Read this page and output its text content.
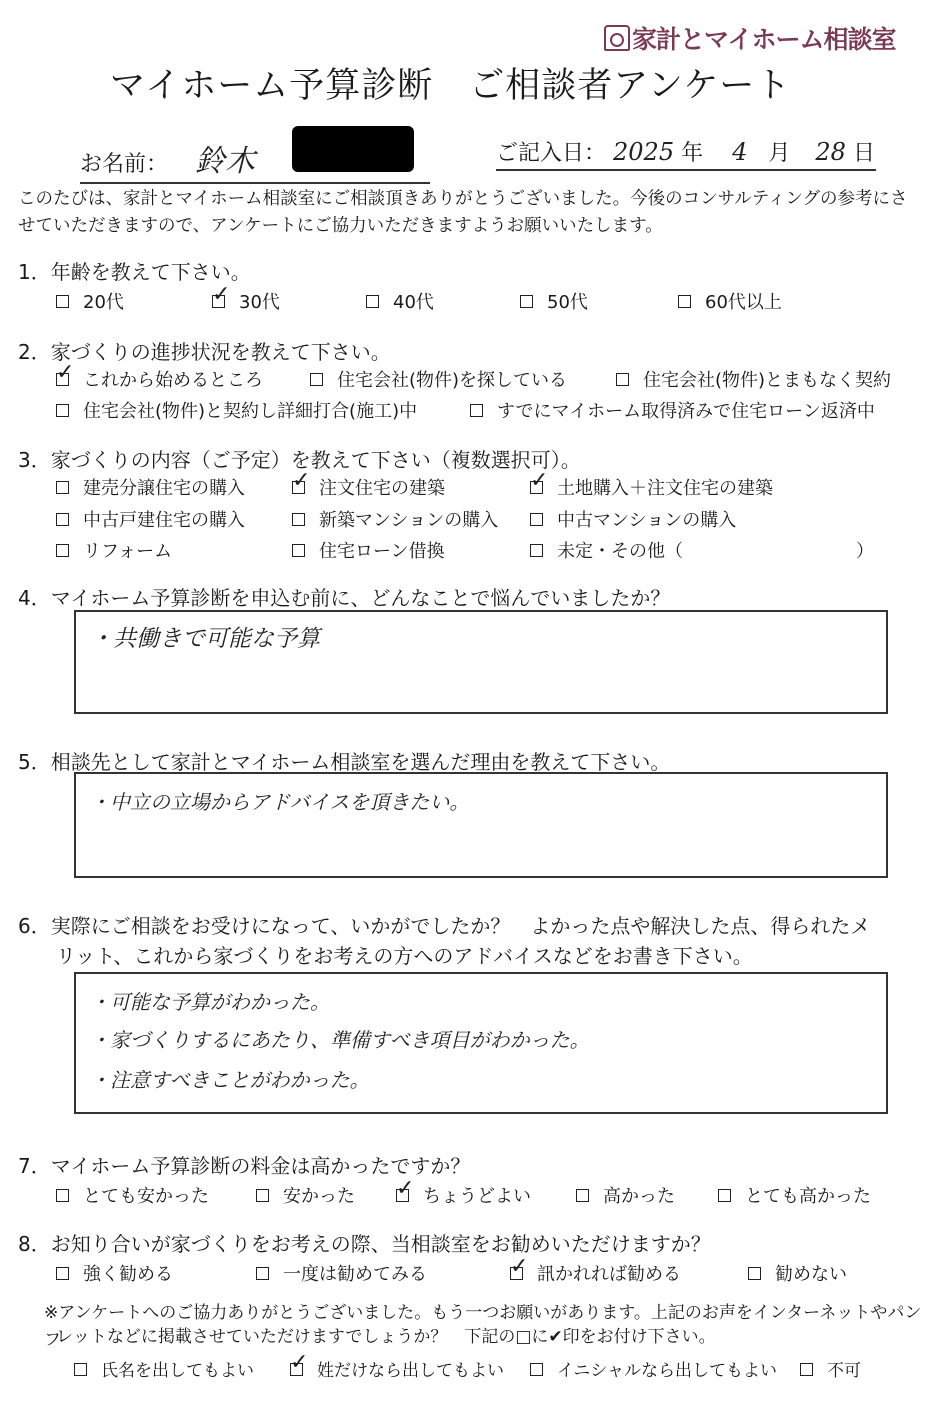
家計とマイホーム相談室
マイホーム予算診断　ご相談者アンケート
お名前： 鈴木	ご記入日： 2025 年 4 月 28 日
このたびは、家計とマイホーム相談室にご相談頂きありがとうございました。今後のコンサルティングの参考にさせていただきますので、アンケートにご協力いただきますようお願いいたします。
1．年齢を教えて下さい。
20代 ✓	30代	40代	50代	60代以上
2．家づくりの進捗状況を教えて下さい。
✓これから始めるところ	住宅会社(物件)を探している	住宅会社(物件)とまもなく契約
住宅会社(物件)と契約し詳細打合(施工)中	すでにマイホーム取得済みで住宅ローン返済中
3．家づくりの内容（ご予定）を教えて下さい（複数選択可）。
建売分譲住宅の購入 ✓	注文住宅の建築 ✓	土地購入＋注文住宅の建築
中古戸建住宅の購入	新築マンションの購入	中古マンションの購入
リフォーム	住宅ローン借換	未定・その他（	）
4．マイホーム予算診断を申込む前に、どんなことで悩んでいましたか？
・共働きで可能な予算
5．相談先として家計とマイホーム相談室を選んだ理由を教えて下さい。
・中立の立場からアドバイスを頂きたい。
6．実際にご相談をお受けになって、いかがでしたか？　よかった点や解決した点、得られたメ
リット、これから家づくりをお考えの方へのアドバイスなどをお書き下さい。
・可能な予算がわかった。
・家づくりするにあたり、準備すべき項目がわかった。
・注意すべきことがわかった。
7．マイホーム予算診断の料金は高かったですか？
とても安かった	安かった ✓	ちょうどよい	高かった	とても高かった
8．お知り合いが家づくりをお考えの際、当相談室をお勧めいただけますか？
強く勧める	一度は勧めてみる ✓	訊かれれば勧める	勧めない
※アンケートへのご協力ありがとうございました。もう一つお願いがあります。上記のお声をインターネットやパンフ
レットなどに掲載させていただけますでしょうか？　下記の□に✔印をお付け下さい。
氏名を出してもよい ✓	姓だけなら出してもよい	イニシャルなら出してもよい	不可
